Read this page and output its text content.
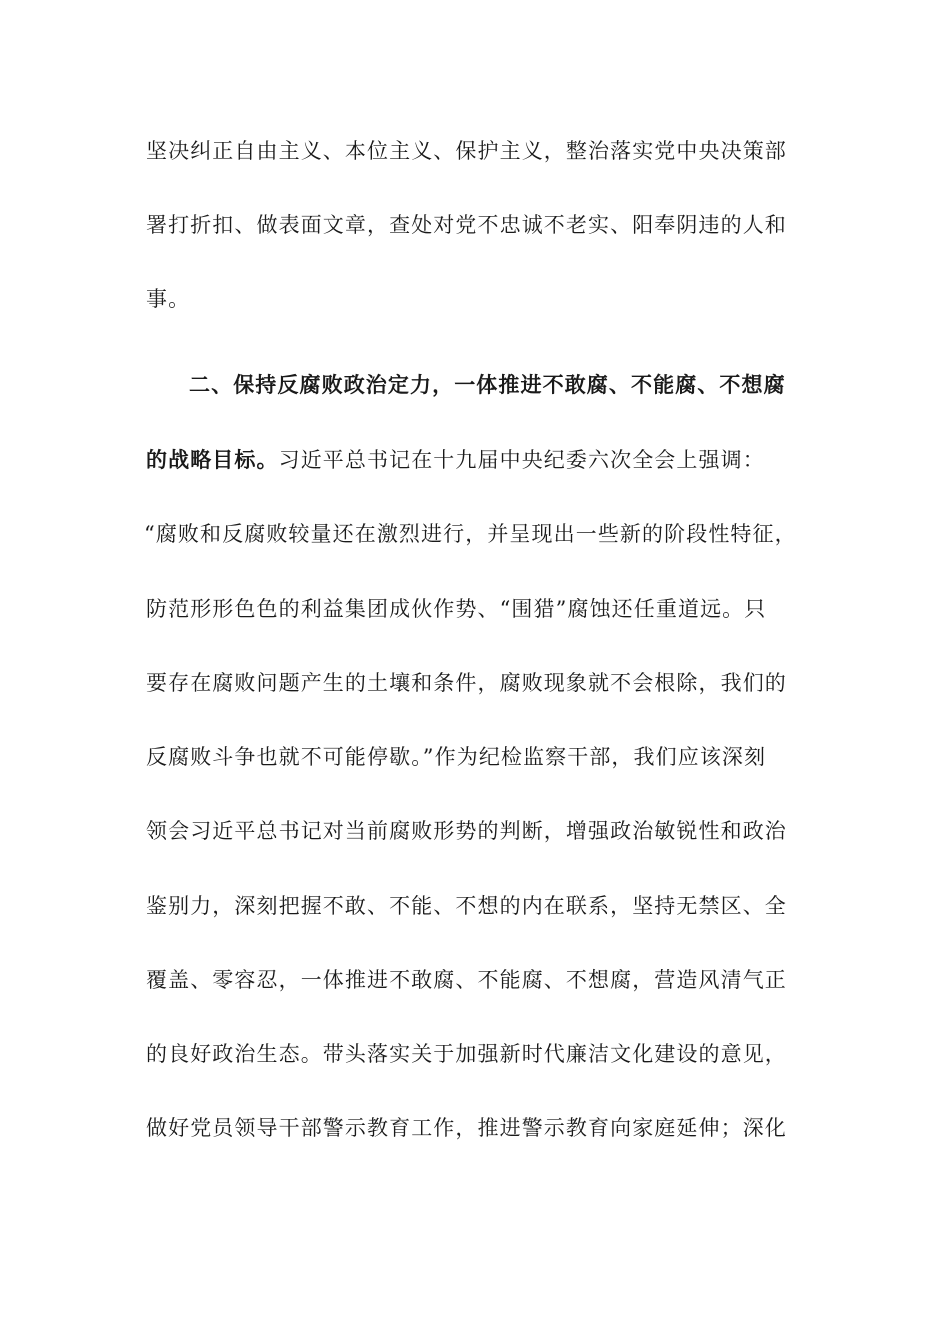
坚决纠正自由主义、本位主义、保护主义，整治落实党中央决策部
署打折扣、做表面文章，查处对党不忠诚不老实、阳奉阴违的人和
事。
二、保持反腐败政治定力，一体推进不敢腐、不能腐、不想腐
的战略目标。习近平总书记在十九届中央纪委六次全会上强调：
“腐败和反腐败较量还在激烈进行，并呈现出一些新的阶段性特征，
防范形形色色的利益集团成伙作势、“围猎”腐蚀还任重道远。只
要存在腐败问题产生的土壤和条件，腐败现象就不会根除，我们的
反腐败斗争也就不可能停歇。”作为纪检监察干部，我们应该深刻
领会习近平总书记对当前腐败形势的判断，增强政治敏锐性和政治
鉴别力，深刻把握不敢、不能、不想的内在联系，坚持无禁区、全
覆盖、零容忍，一体推进不敢腐、不能腐、不想腐，营造风清气正
的良好政治生态。带头落实关于加强新时代廉洁文化建设的意见，
做好党员领导干部警示教育工作，推进警示教育向家庭延伸；深化
